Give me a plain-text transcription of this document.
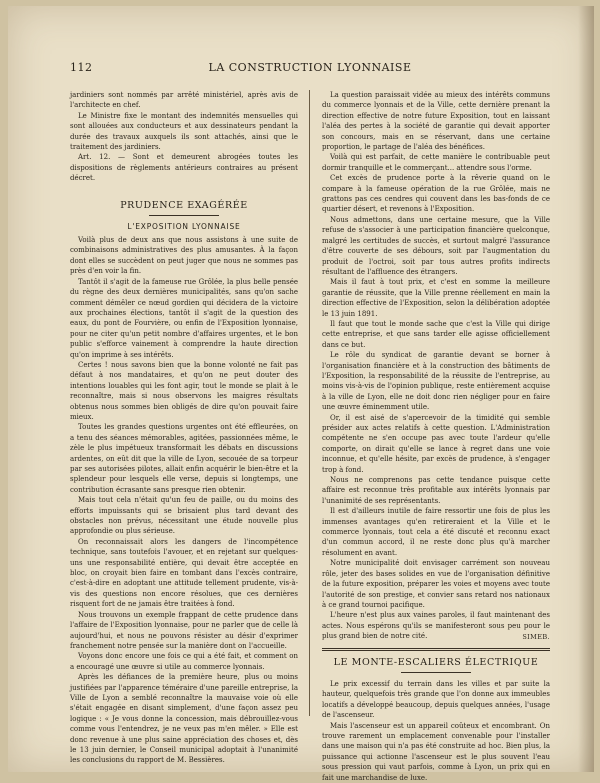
112	LA CONSTRUCTION LYONNAISE

jardiniers sont nommés par arrêté ministériel, après avis de l'architecte en chef.

Le Ministre fixe le montant des indemnités mensuelles qui sont allouées aux conducteurs et aux dessinateurs pendant la durée des travaux auxquels ils sont attachés, ainsi que le traitement des jardiniers.

Art. 12. — Sont et demeurent abrogées toutes les dispositions de règlements antérieurs contraires au présent décret.

PRUDENCE EXAGÉRÉE
L'EXPOSITION LYONNAISE

Voilà plus de deux ans que nous assistons à une suite de combinaisons administratives des plus amusantes. À la façon dont elles se succèdent on peut juger que nous ne sommes pas près d'en voir la fin.

Tantôt il s'agit de la fameuse rue Grôlée, la plus belle pensée du règne des deux dernières municipalités, sans qu'on sache comment démêler ce nœud gordien qui décidera de la victoire aux prochaines élections, tantôt il s'agit de la question des eaux, du pont de Fourvière, ou enfin de l'Exposition lyonnaise, pour ne citer qu'un petit nombre d'affaires urgentes, et le bon public s'efforce vainement à comprendre la haute direction qu'on imprime à ses intérêts.

Certes ! nous savons bien que la bonne volonté ne fait pas défaut à nos mandataires, et qu'on ne peut douter des intentions louables qui les font agir, tout le monde se plait à le reconnaître, mais si nous observons les maigres résultats obtenus nous sommes bien obligés de dire qu'on pouvait faire mieux.

Toutes les grandes questions urgentes ont été effleurées, on a tenu des séances mémorables, agitées, passionnées même, le zèle le plus impétueux transformait les débats en discussions ardentes, on eût dit que la ville de Lyon, secouée de sa torpeur par ses autorisées pilotes, allait enfin acquérir le bien-être et la splendeur pour lesquels elle verse, depuis si longtemps, une contribution écrasante sans presque rien obtenir.

Mais tout cela n'était qu'un feu de paille, ou du moins des efforts impuissants qui se brisaient plus tard devant des obstacles non prévus, nécessitant une étude nouvelle plus approfondie ou plus sérieuse.

On reconnaissait alors les dangers de l'incompétence technique, sans toutefois l'avouer, et en rejetant sur quelques-uns une responsabilité entière, qui devait être acceptée en bloc, on croyait bien faire en tombant dans l'excès contraire, c'est-à-dire en adoptant une attitude tellement prudente, vis-à-vis des questions non encore résolues, que ces dernières risquent fort de ne jamais être traitées à fond.

Nous trouvons un exemple frappant de cette prudence dans l'affaire de l'Exposition lyonnaise, pour ne parler que de celle là aujourd'hui, et nous ne pouvons résister au désir d'exprimer franchement notre pensée sur la manière dont on l'accueille.

Voyons donc encore une fois ce qui a été fait, et comment on a encouragé une œuvre si utile au commerce lyonnais.

Après les défiances de la première heure, plus ou moins justifiées par l'apparence téméraire d'une pareille entreprise, la Ville de Lyon a semblé reconnaître la mauvaise voie où elle s'était engagée en disant simplement, d'une façon assez peu logique : « Je vous donne la concession, mais débrouillez-vous comme vous l'entendrez, je ne veux pas m'en mêler. » Elle est donc revenue à une plus saine appréciation des choses et, dès le 13 juin dernier, le Conseil municipal adoptait à l'unanimité les conclusions du rapport de M. Bessières.

La question paraissait vidée au mieux des intérêts communs du commerce lyonnais et de la Ville, cette dernière prenant la direction effective de notre future Exposition, tout en laissant l'aléa des pertes à la société de garantie qui devait apporter son concours, mais en se réservant, dans une certaine proportion, le partage de l'aléa des bénéfices.

Voilà qui est parfait, de cette manière le contribuable peut dormir tranquille et le commerçant... attendre sous l'orme.

Cet excès de prudence porte à la rêverie quand on le compare à la fameuse opération de la rue Grôlée, mais ne grattons pas ces cendres qui couvent dans les bas-fonds de ce quartier désert, et revenons à l'Exposition.

Nous admettons, dans une certaine mesure, que la Ville refuse de s'associer à une participation financière quelconque, malgré les certitudes de succès, et surtout malgré l'assurance d'être couverte de ses débours, soit par l'augmentation du produit de l'octroi, soit par tous autres profits indirects résultant de l'affluence des étrangers.

Mais il faut à tout prix, et c'est en somme la meilleure garantie de réussite, que la Ville prenne réellement en main la direction effective de l'Exposition, selon la délibération adoptée le 13 juin 1891.

Il faut que tout le monde sache que c'est la Ville qui dirige cette entreprise, et que sans tarder elle agisse officiellement dans ce but.

Le rôle du syndicat de garantie devant se borner à l'organisation financière et à la construction des bâtiments de l'Exposition, la responsabilité de la réussite de l'entreprise, au moins vis-à-vis de l'opinion publique, reste entièrement acquise à la ville de Lyon, elle ne doit donc rien négliger pour en faire une œuvre éminemment utile.

Or, il est aisé de s'apercevoir de la timidité qui semble présider aux actes relatifs à cette question. L'Administration compétente ne s'en occupe pas avec toute l'ardeur qu'elle comporte, on dirait qu'elle se lance à regret dans une voie inconnue, et qu'elle hésite, par excès de prudence, à s'engager trop à fond.

Nous ne comprenons pas cette tendance puisque cette affaire est reconnue très profitable aux intérêts lyonnais par l'unanimité de ses représentants.

Il est d'ailleurs inutile de faire ressortir une fois de plus les immenses avantages qu'en retireraient et la Ville et le commerce lyonnais, tout cela a été discuté et reconnu exact d'un commun accord, il ne reste donc plus qu'à marcher résolument en avant.

Notre municipalité doit envisager carrément son nouveau rôle, jeter des bases solides en vue de l'organisation définitive de la future exposition, préparer les voies et moyens avec toute l'autorité de son prestige, et convier sans retard nos nationaux à ce grand tournoi pacifique.

L'heure n'est plus aux vaines paroles, il faut maintenant des actes. Nous espérons qu'ils se manifesteront sous peu pour le plus grand bien de notre cité.	SIMEB.
LE MONTE-ESCALIERS ÉLECTRIQUE

Le prix excessif du terrain dans les villes et par suite la hauteur, quelquefois très grande que l'on donne aux immeubles locatifs a développé beaucoup, depuis quelques années, l'usage de l'ascenseur.

Mais l'ascenseur est un appareil coûteux et encombrant. On trouve rarement un emplacement convenable pour l'installer dans une maison qui n'a pas été construite ad hoc. Bien plus, la puissance qui actionne l'ascenseur est le plus souvent l'eau sous pression qui vaut parfois, comme à Lyon, un prix qui en fait une marchandise de luxe.
